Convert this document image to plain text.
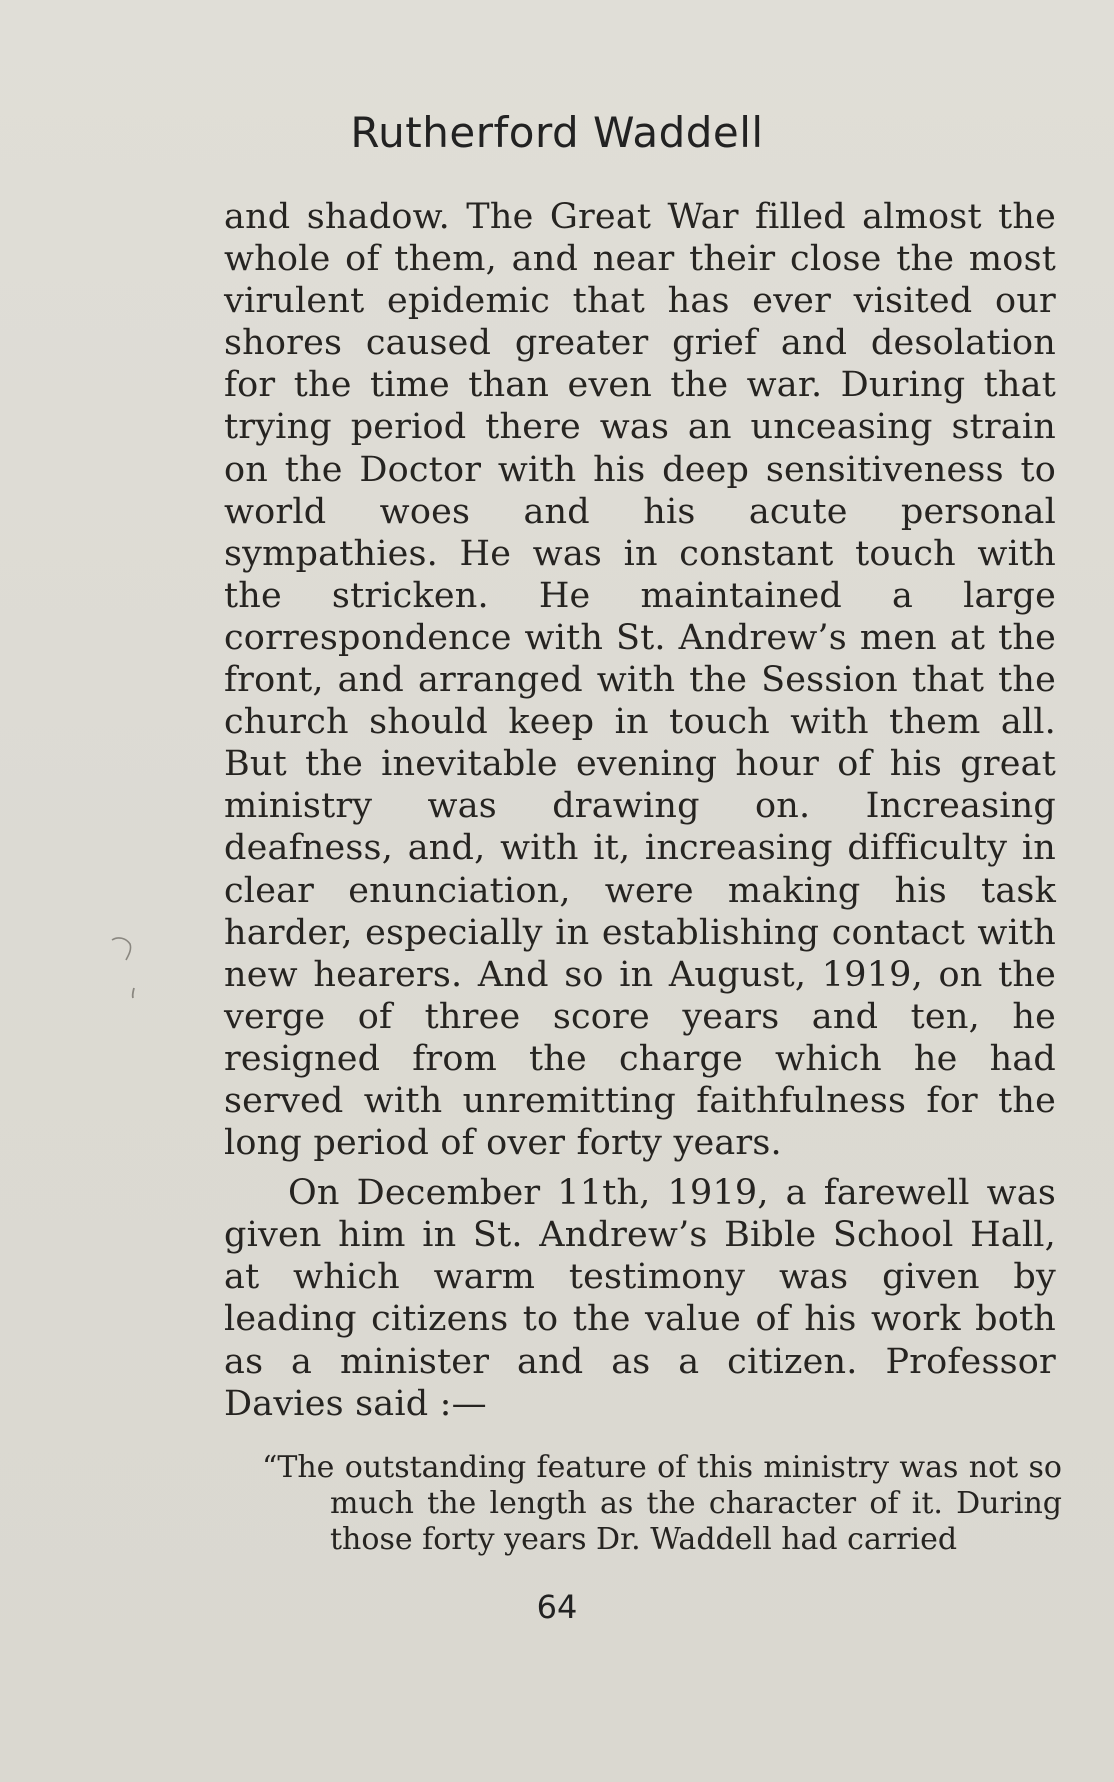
Rutherford Waddell

and shadow. The Great War filled almost the whole of them, and near their close the most virulent epidemic that has ever visited our shores caused greater grief and desolation for the time than even the war. During that trying period there was an unceasing strain on the Doctor with his deep sensitiveness to world woes and his acute personal sympathies. He was in constant touch with the stricken. He maintained a large correspondence with St. Andrew’s men at the front, and arranged with the Session that the church should keep in touch with them all. But the inevitable evening hour of his great ministry was drawing on. Increasing deafness, and, with it, increasing difficulty in clear enunciation, were making his task harder, especially in establishing contact with new hearers. And so in August, 1919, on the verge of three score years and ten, he resigned from the charge which he had served with unremitting faithfulness for the long period of over forty years.

On December 11th, 1919, a farewell was given him in St. Andrew’s Bible School Hall, at which warm testimony was given by leading citizens to the value of his work both as a minister and as a citizen. Professor Davies said :—

“The outstanding feature of this ministry was not so much the length as the character of it. During those forty years Dr. Waddell had carried
64
